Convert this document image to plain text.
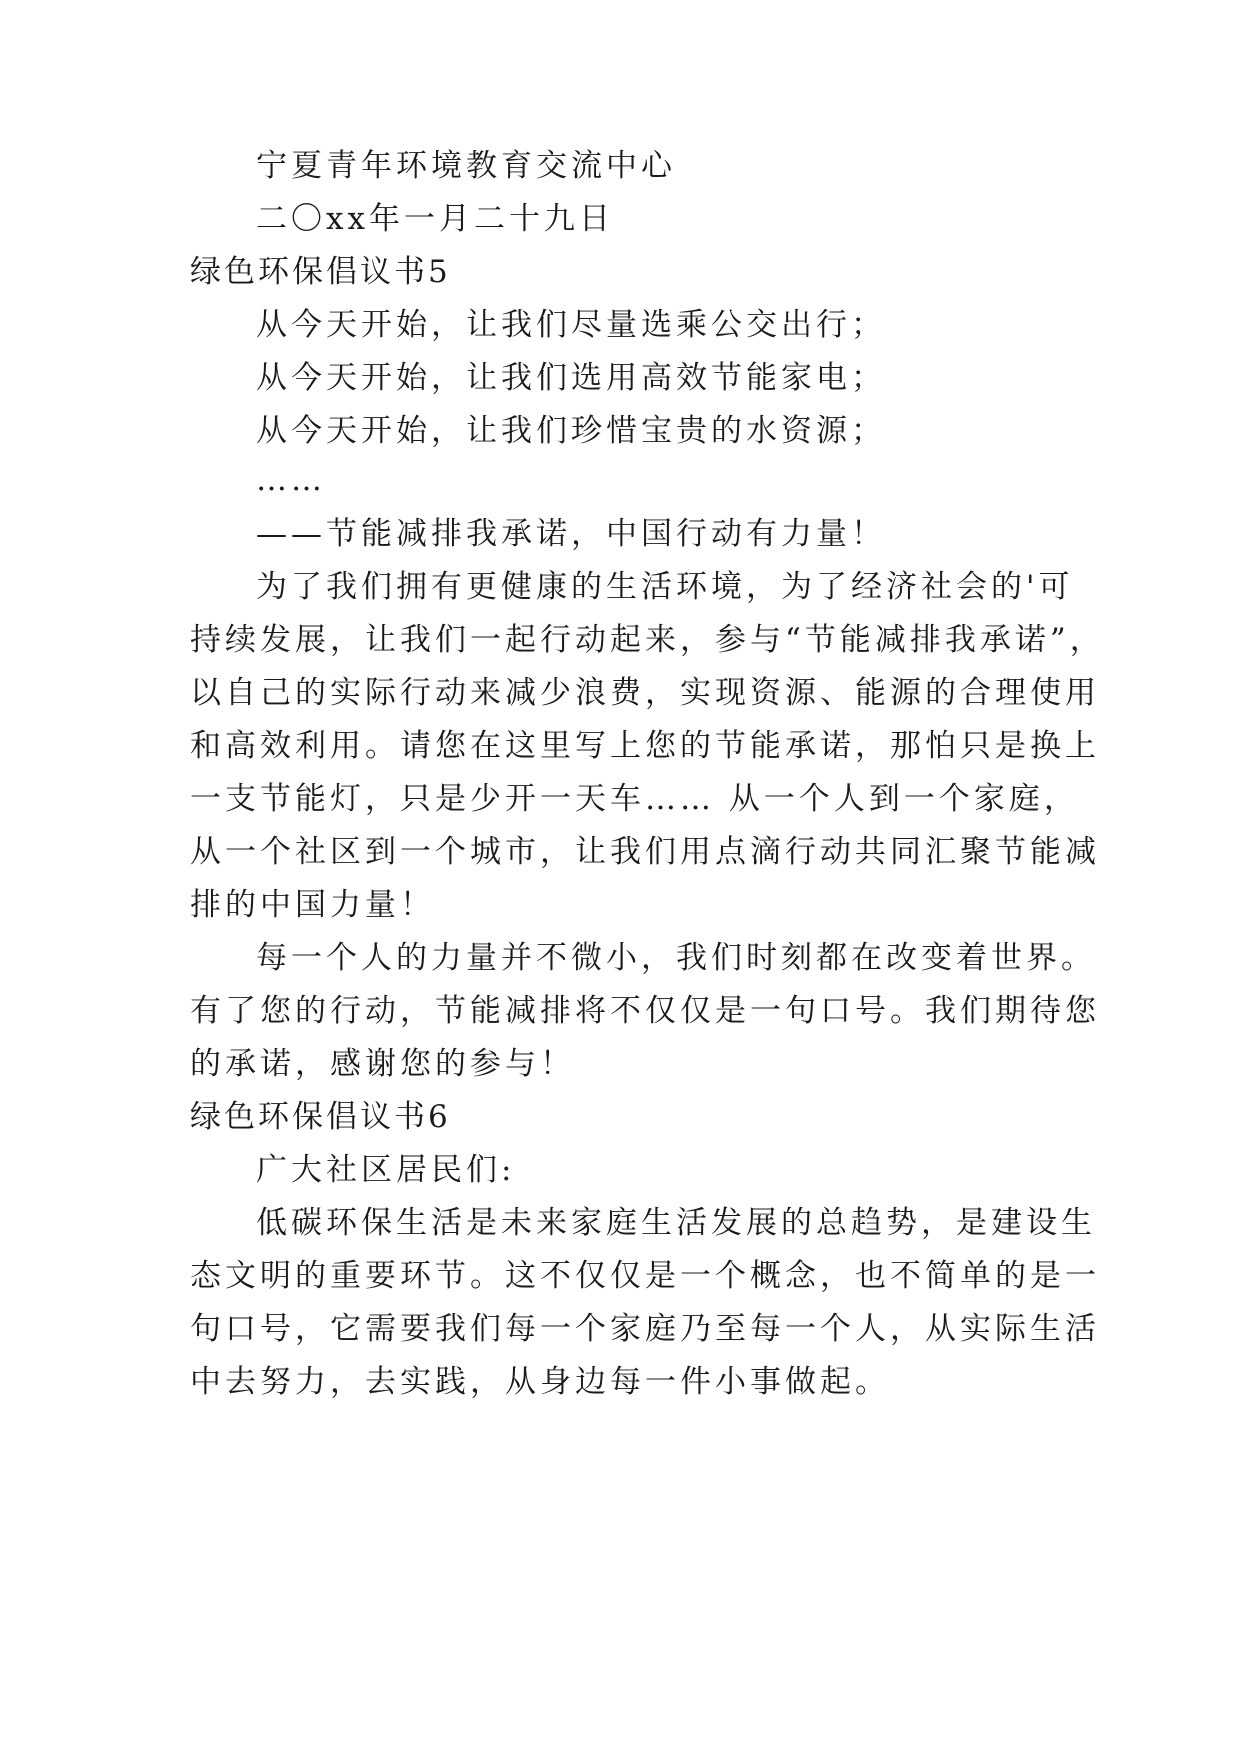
宁夏青年环境教育交流中心
二〇xx年一月二十九日
绿色环保倡议书5
从今天开始，让我们尽量选乘公交出行；
从今天开始，让我们选用高效节能家电；
从今天开始，让我们珍惜宝贵的水资源；
……
——节能减排我承诺，中国行动有力量！
为了我们拥有更健康的生活环境，为了经济社会的'可
持续发展，让我们一起行动起来，参与“节能减排我承诺”，
以自己的实际行动来减少浪费，实现资源、能源的合理使用
和高效利用。请您在这里写上您的节能承诺，那怕只是换上
一支节能灯，只是少开一天车…… 从一个人到一个家庭，
从一个社区到一个城市，让我们用点滴行动共同汇聚节能减
排的中国力量！
每一个人的力量并不微小，我们时刻都在改变着世界。
有了您的行动，节能减排将不仅仅是一句口号。我们期待您
的承诺，感谢您的参与！
绿色环保倡议书6
广大社区居民们:
低碳环保生活是未来家庭生活发展的总趋势，是建设生
态文明的重要环节。这不仅仅是一个概念，也不简单的是一
句口号，它需要我们每一个家庭乃至每一个人，从实际生活
中去努力，去实践，从身边每一件小事做起。
